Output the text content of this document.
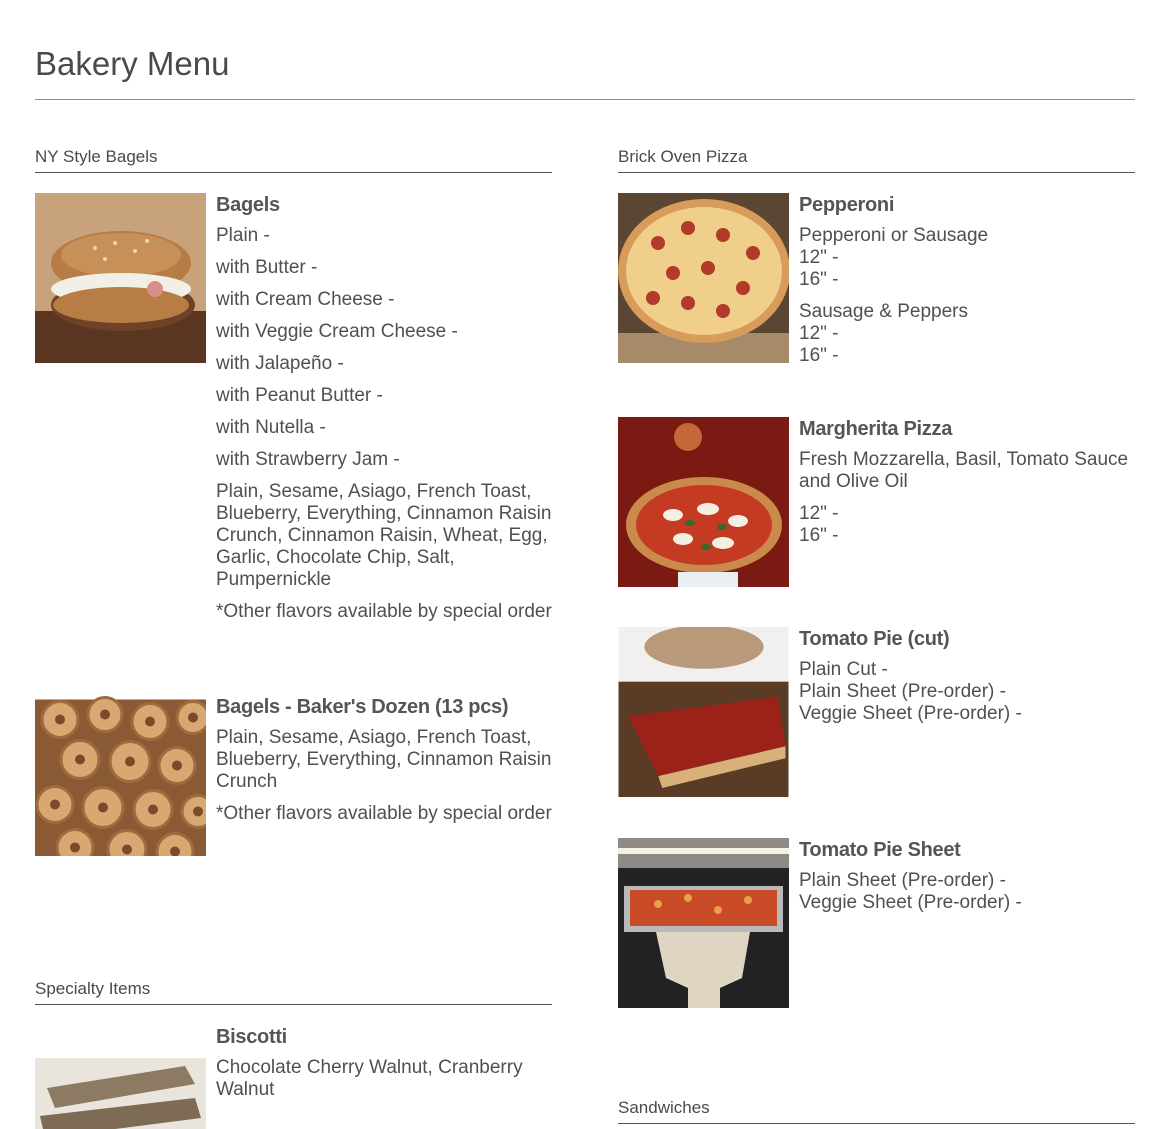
Bakery Menu
NY Style Bagels

Bagels

Plain -

with Butter -

with Cream Cheese -

with Veggie Cream Cheese -

with Jalapeño -

with Peanut Butter -

with Nutella -

with Strawberry Jam -

Plain, Sesame, Asiago, French Toast, Blueberry, Everything, Cinnamon Raisin Crunch, Cinnamon Raisin, Wheat, Egg, Garlic, Chocolate Chip, Salt, Pumpernickle

*Other flavors available by special order

Bagels - Baker's Dozen (13 pcs)

Plain, Sesame, Asiago, French Toast, Blueberry, Everything, Cinnamon Raisin Crunch

*Other flavors available by special order

Specialty Items

Biscotti

Chocolate Cherry Walnut, Cranberry Walnut

Brick Oven Pizza

Pepperoni

Pepperoni or Sausage

12" -

16" -

Sausage & Peppers

12" -

16" -

Margherita Pizza

Fresh Mozzarella, Basil, Tomato Sauce and Olive Oil

12" -

16" -

Tomato Pie (cut)

Plain Cut -

Plain Sheet (Pre-order) -

Veggie Sheet (Pre-order) -

Tomato Pie Sheet

Plain Sheet (Pre-order) -

Veggie Sheet (Pre-order) -

Sandwiches
